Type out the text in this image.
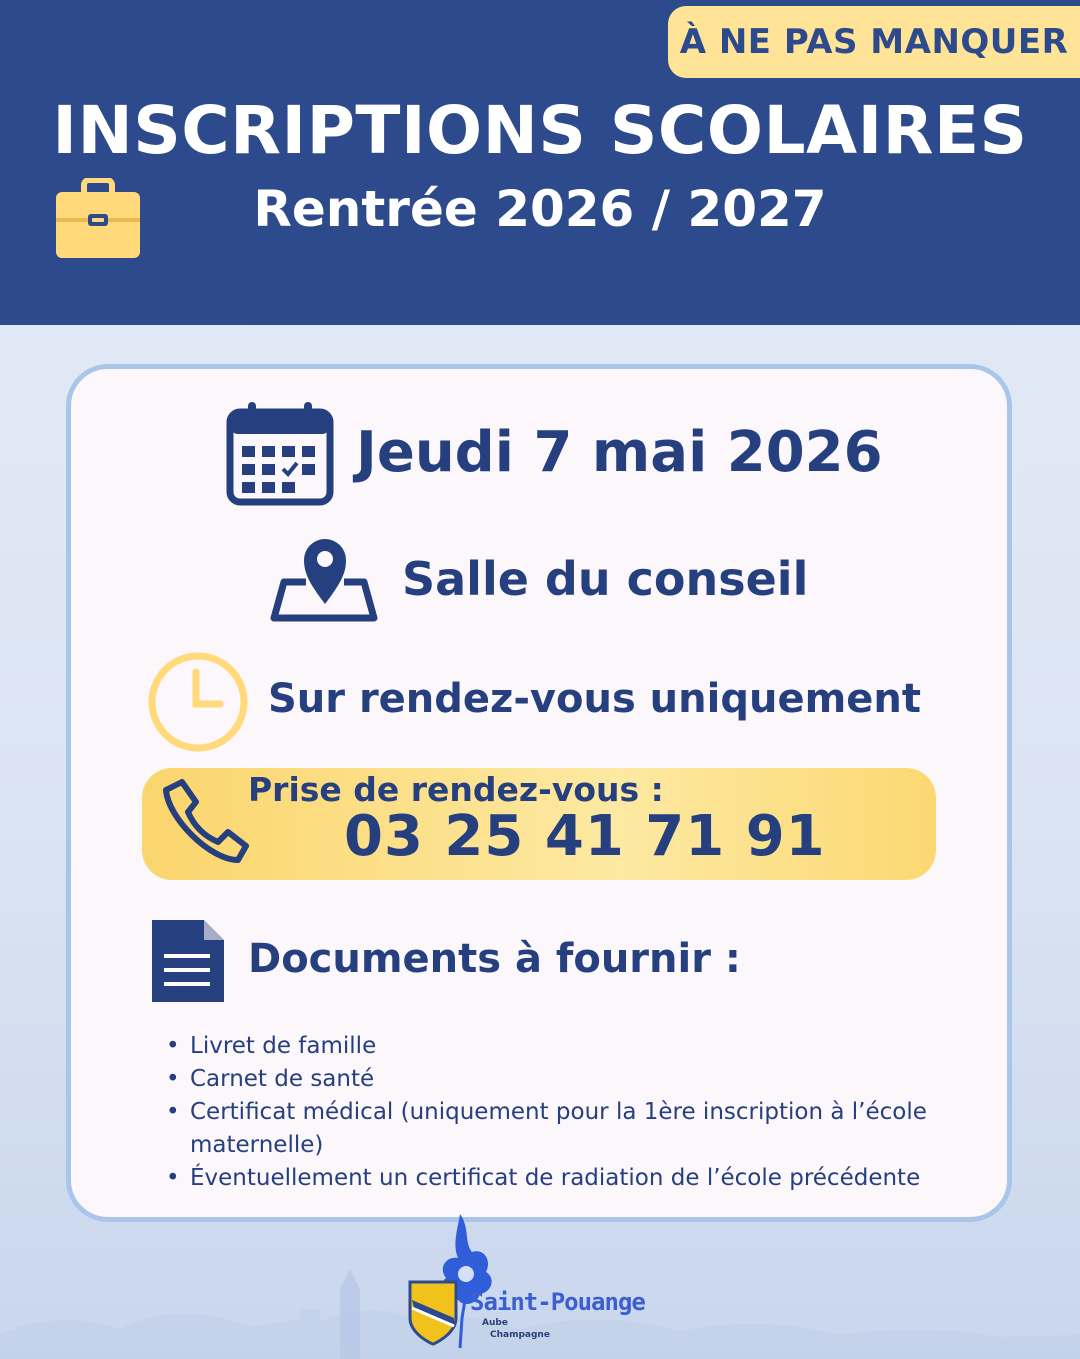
À NE PAS MANQUER
INSCRIPTIONS SCOLAIRES
Rentrée 2026 / 2027
Jeudi 7 mai 2026
Salle du conseil
Sur rendez-vous uniquement
Prise de rendez-vous :
03 25 41 71 91
Documents à fournir :
• Livret de famille
• Carnet de santé
• Certificat médical (uniquement pour la 1ère inscription à l’école maternelle)
• Éventuellement un certificat de radiation de l’école précédente
Saint-Pouange
Aube
Champagne
